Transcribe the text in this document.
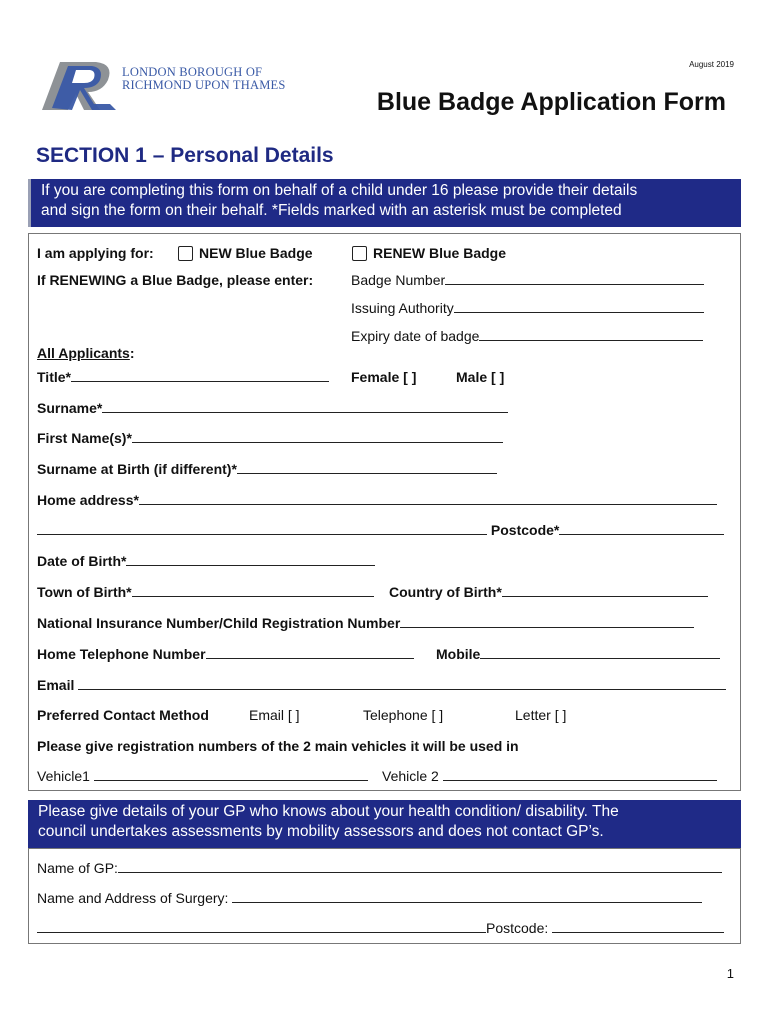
August 2019
LONDON BOROUGH OF
RICHMOND UPON THAMES
Blue Badge Application Form
SECTION 1 – Personal Details
If you are completing this form on behalf of a child under 16 please provide their details
and sign the form on their behalf. *Fields marked with an asterisk must be completed
I am applying for:	NEW Blue Badge	RENEW Blue Badge
If RENEWING a Blue Badge, please enter:	Badge Number
Issuing Authority
Expiry date of badge
All Applicants:
Title*	Female [ ]	Male [ ]
Surname*
First Name(s)*
Surname at Birth (if different)*
Home address*
Postcode*
Date of Birth*
Town of Birth*	Country of Birth*
National Insurance Number/Child Registration Number
Home Telephone Number	Mobile
Email
Preferred Contact Method	Email [ ]	Telephone [ ]	Letter [ ]
Please give registration numbers of the 2 main vehicles it will be used in
Vehicle1	Vehicle 2
Please give details of your GP who knows about your health condition/ disability. The
council undertakes assessments by mobility assessors and does not contact GP’s.
Name of GP:
Name and Address of Surgery:
Postcode:
1
